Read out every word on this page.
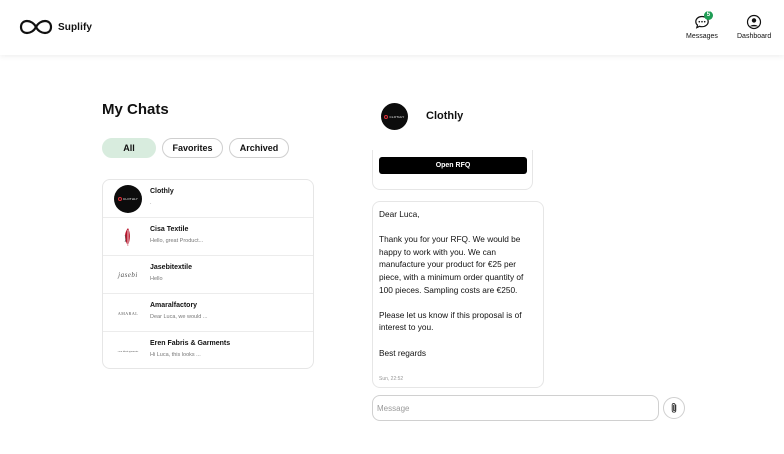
Suplify
5
Messages	Dashboard
My Chats
All	Favorites	Archived
CLOTHLY
Clothly
.
Cisa Textile
Hello, great Product...
jasebi
Jasebitextile
Hello
AMARAL
Amaralfactory
Dear Luca, we would ...
eren fabris garments
Eren Fabris & Garments
Hi Luca, this looks ...
CLOTHLY Clothly
Open RFQ
Dear Luca,

Thank you for your RFQ. We would be happy to work with you. We can manufacture your product for €25 per piece, with a minimum order quantity of 100 pieces. Sampling costs are €250.

Please let us know if this proposal is of interest to you.

Best regards
Sun, 22:52
Message
